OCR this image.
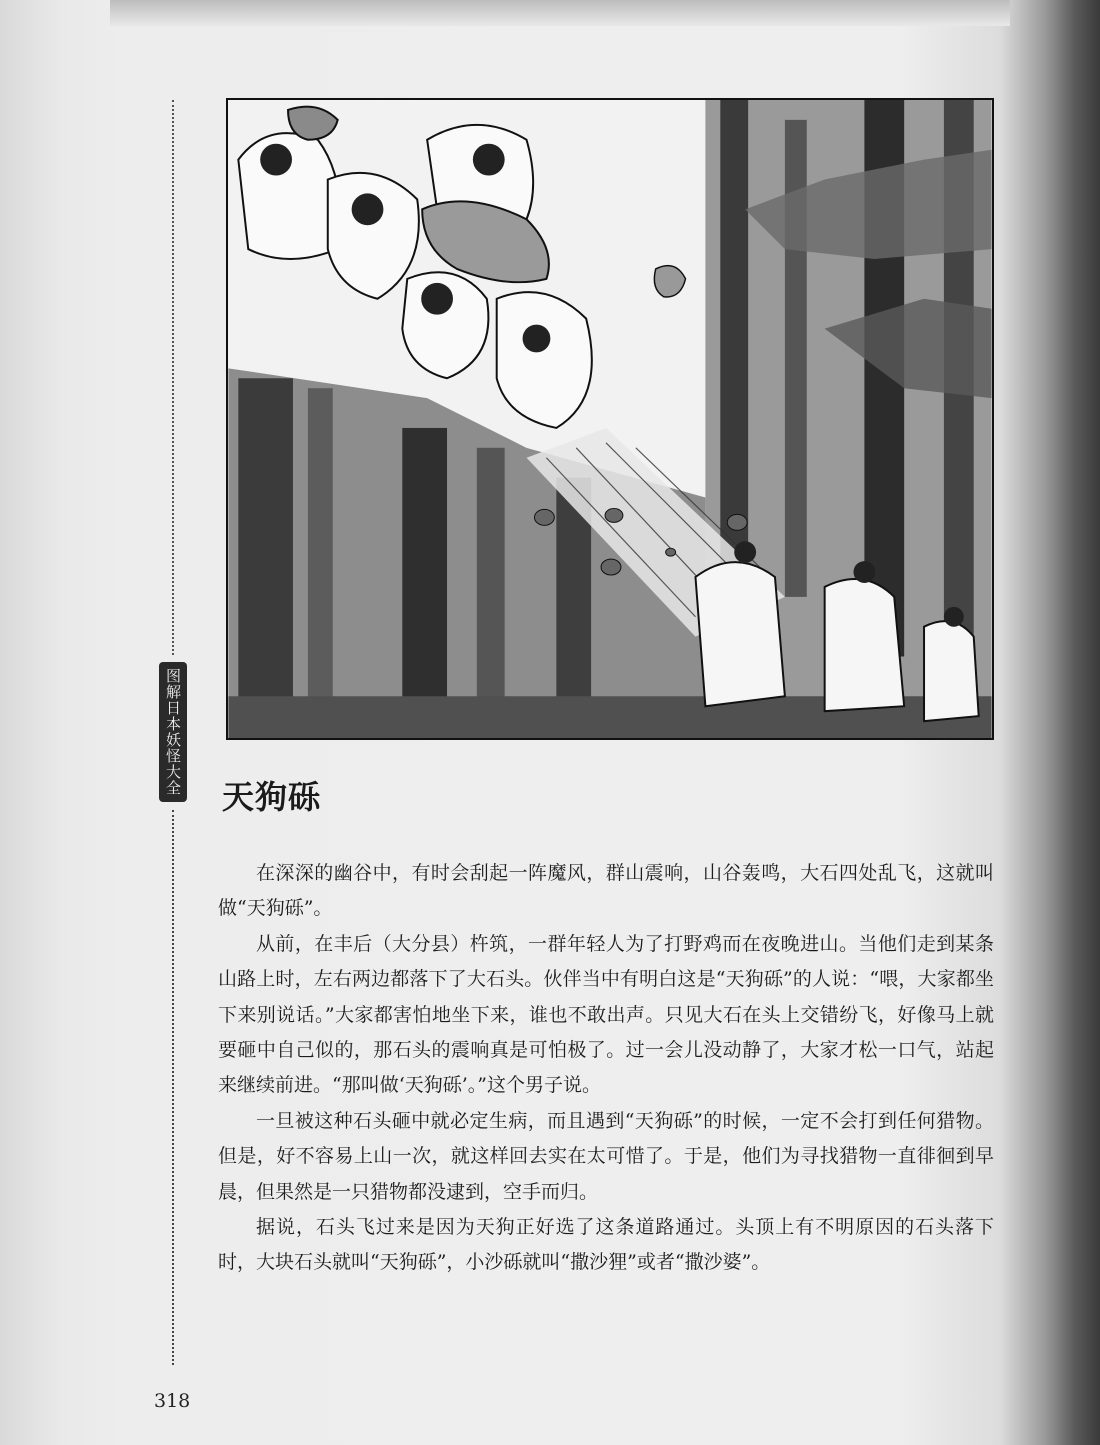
图解日本妖怪大全
天狗砾

在深深的幽谷中，有时会刮起一阵魔风，群山震响，山谷轰鸣，大石四处乱飞，这就叫做“天狗砾”。

从前，在丰后（大分县）杵筑，一群年轻人为了打野鸡而在夜晚进山。当他们走到某条山路上时，左右两边都落下了大石头。伙伴当中有明白这是“天狗砾”的人说：“喂，大家都坐下来别说话。”大家都害怕地坐下来，谁也不敢出声。只见大石在头上交错纷飞，好像马上就要砸中自己似的，那石头的震响真是可怕极了。过一会儿没动静了，大家才松一口气，站起来继续前进。“那叫做‘天狗砾’。”这个男子说。

一旦被这种石头砸中就必定生病，而且遇到“天狗砾”的时候，一定不会打到任何猎物。但是，好不容易上山一次，就这样回去实在太可惜了。于是，他们为寻找猎物一直徘徊到早晨，但果然是一只猎物都没逮到，空手而归。

据说，石头飞过来是因为天狗正好选了这条道路通过。头顶上有不明原因的石头落下时，大块石头就叫“天狗砾”，小沙砾就叫“撒沙狸”或者“撒沙婆”。

318
